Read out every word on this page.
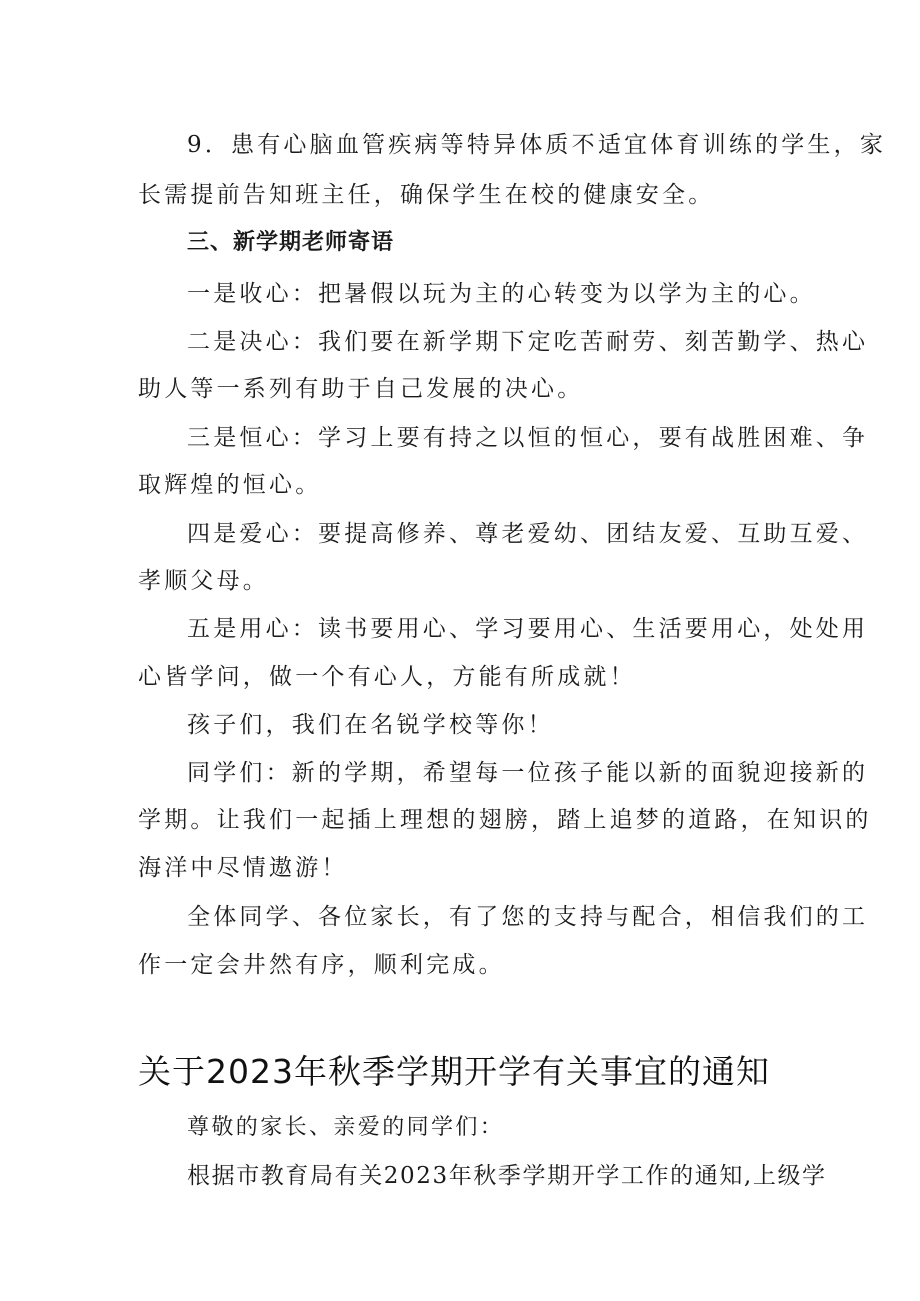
9．患有心脑血管疾病等特异体质不适宜体育训练的学生，家
长需提前告知班主任，确保学生在校的健康安全。
三、新学期老师寄语
一是收心：把暑假以玩为主的心转变为以学为主的心。
二是决心：我们要在新学期下定吃苦耐劳、刻苦勤学、热心
助人等一系列有助于自己发展的决心。
三是恒心：学习上要有持之以恒的恒心，要有战胜困难、争
取辉煌的恒心。
四是爱心：要提高修养、尊老爱幼、团结友爱、互助互爱、
孝顺父母。
五是用心：读书要用心、学习要用心、生活要用心，处处用
心皆学问，做一个有心人，方能有所成就！
孩子们，我们在名锐学校等你！
同学们：新的学期，希望每一位孩子能以新的面貌迎接新的
学期。让我们一起插上理想的翅膀，踏上追梦的道路，在知识的
海洋中尽情遨游！
全体同学、各位家长，有了您的支持与配合，相信我们的工
作一定会井然有序，顺利完成。
关于2023年秋季学期开学有关事宜的通知
尊敬的家长、亲爱的同学们：
根据市教育局有关2023年秋季学期开学工作的通知,上级学
